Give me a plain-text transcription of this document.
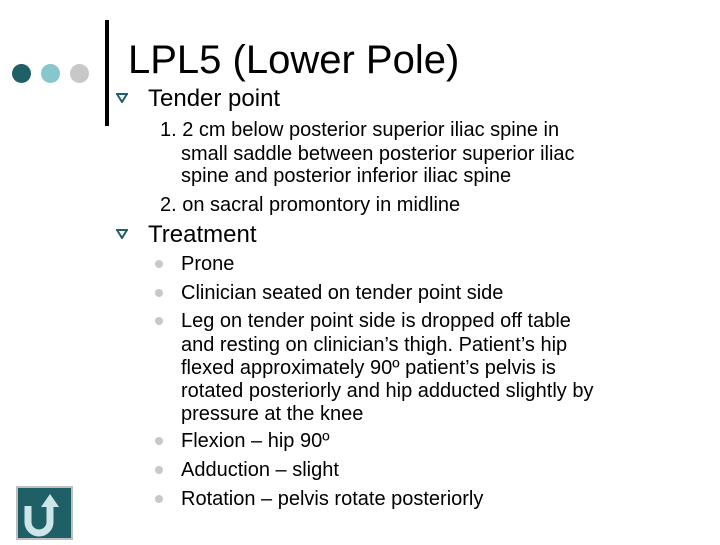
LPL5 (Lower Pole)
Tender point
1. 2 cm below posterior superior iliac spine in
small saddle between posterior superior iliac
spine and posterior inferior iliac spine
2. on sacral promontory in midline
Treatment
Prone
Clinician seated on tender point side
Leg on tender point side is dropped off table
and resting on clinician’s thigh. Patient’s hip
flexed approximately 90º patient’s pelvis is
rotated posteriorly and hip adducted slightly by
pressure at the knee
Flexion – hip 90º
Adduction – slight
Rotation – pelvis rotate posteriorly
